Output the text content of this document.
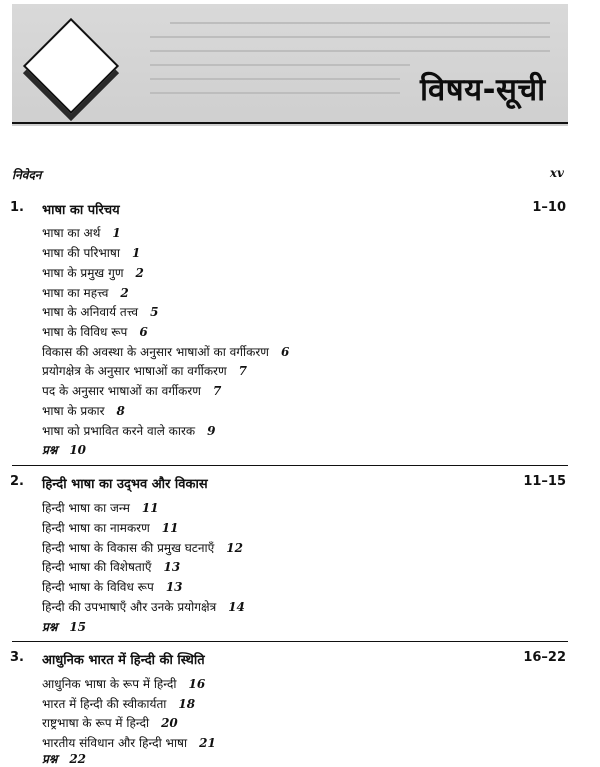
विषय-सूची
निवेदन	xv
1. भाषा का परिचय	1–10
भाषा का अर्थ 1
भाषा की परिभाषा 1
भाषा के प्रमुख गुण 2
भाषा का महत्त्व 2
भाषा के अनिवार्य तत्त्व 5
भाषा के विविध रूप 6
विकास की अवस्था के अनुसार भाषाओं का वर्गीकरण 6
प्रयोगक्षेत्र के अनुसार भाषाओं का वर्गीकरण 7
पद के अनुसार भाषाओं का वर्गीकरण 7
भाषा के प्रकार 8
भाषा को प्रभावित करने वाले कारक 9
प्रश्न 10
2. हिन्दी भाषा का उद्‌भव और विकास	11–15
हिन्दी भाषा का जन्म 11
हिन्दी भाषा का नामकरण 11
हिन्दी भाषा के विकास की प्रमुख घटनाएँ 12
हिन्दी भाषा की विशेषताएँ 13
हिन्दी भाषा के विविध रूप 13
हिन्दी की उपभाषाएँ और उनके प्रयोगक्षेत्र 14
प्रश्न 15
3. आधुनिक भारत में हिन्दी की स्थिति	16–22
आधुनिक भाषा के रूप में हिन्दी 16
भारत में हिन्दी की स्वीकार्यता 18
राष्ट्रभाषा के रूप में हिन्दी 20
भारतीय संविधान और हिन्दी भाषा 21
प्रश्न 22
